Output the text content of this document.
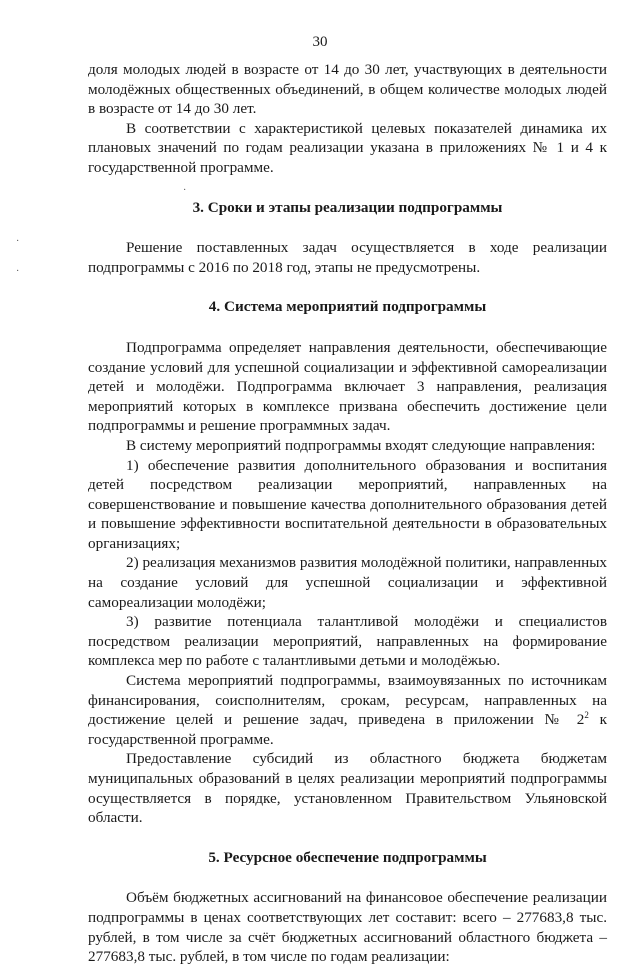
30
·
·
·

доля молодых людей в возрасте от 14 до 30 лет, участвующих в деятельности молодёжных общественных объединений, в общем количестве молодых людей в возрасте от 14 до 30 лет.

В соответствии с характеристикой целевых показателей динамика их плановых значений по годам реализации указана в приложениях № 1 и 4 к государственной программе.

3. Сроки и этапы реализации подпрограммы

Решение поставленных задач осуществляется в ходе реализации подпрограммы с 2016 по 2018 год, этапы не предусмотрены.

4. Система мероприятий подпрограммы

Подпрограмма определяет направления деятельности, обеспечивающие создание условий для успешной социализации и эффективной самореализации детей и молодёжи. Подпрограмма включает 3 направления, реализация мероприятий которых в комплексе призвана обеспечить достижение цели подпрограммы и решение программных задач.

В систему мероприятий подпрограммы входят следующие направления:

1) обеспечение развития дополнительного образования и воспитания детей посредством реализации мероприятий, направленных на совершенствование и повышение качества дополнительного образования детей и повышение эффективности воспитательной деятельности в образовательных организациях;

2) реализация механизмов развития молодёжной политики, направленных на создание условий для успешной социализации и эффективной самореализации молодёжи;

3) развитие потенциала талантливой молодёжи и специалистов посредством реализации мероприятий, направленных на формирование комплекса мер по работе с талантливыми детьми и молодёжью.

Система мероприятий подпрограммы, взаимоувязанных по источникам финансирования, соисполнителям, срокам, ресурсам, направленных на достижение целей и решение задач, приведена в приложении № $2^2$ к государственной программе.

Предоставление субсидий из областного бюджета бюджетам муниципальных образований в целях реализации мероприятий подпрограммы осуществляется в порядке, установленном Правительством Ульяновской области.

5. Ресурсное обеспечение подпрограммы

Объём бюджетных ассигнований на финансовое обеспечение реализации подпрограммы в ценах соответствующих лет составит: всего – 277683,8 тыс. рублей, в том числе за счёт бюджетных ассигнований областного бюджета – 277683,8 тыс. рублей, в том числе по годам реализации:
